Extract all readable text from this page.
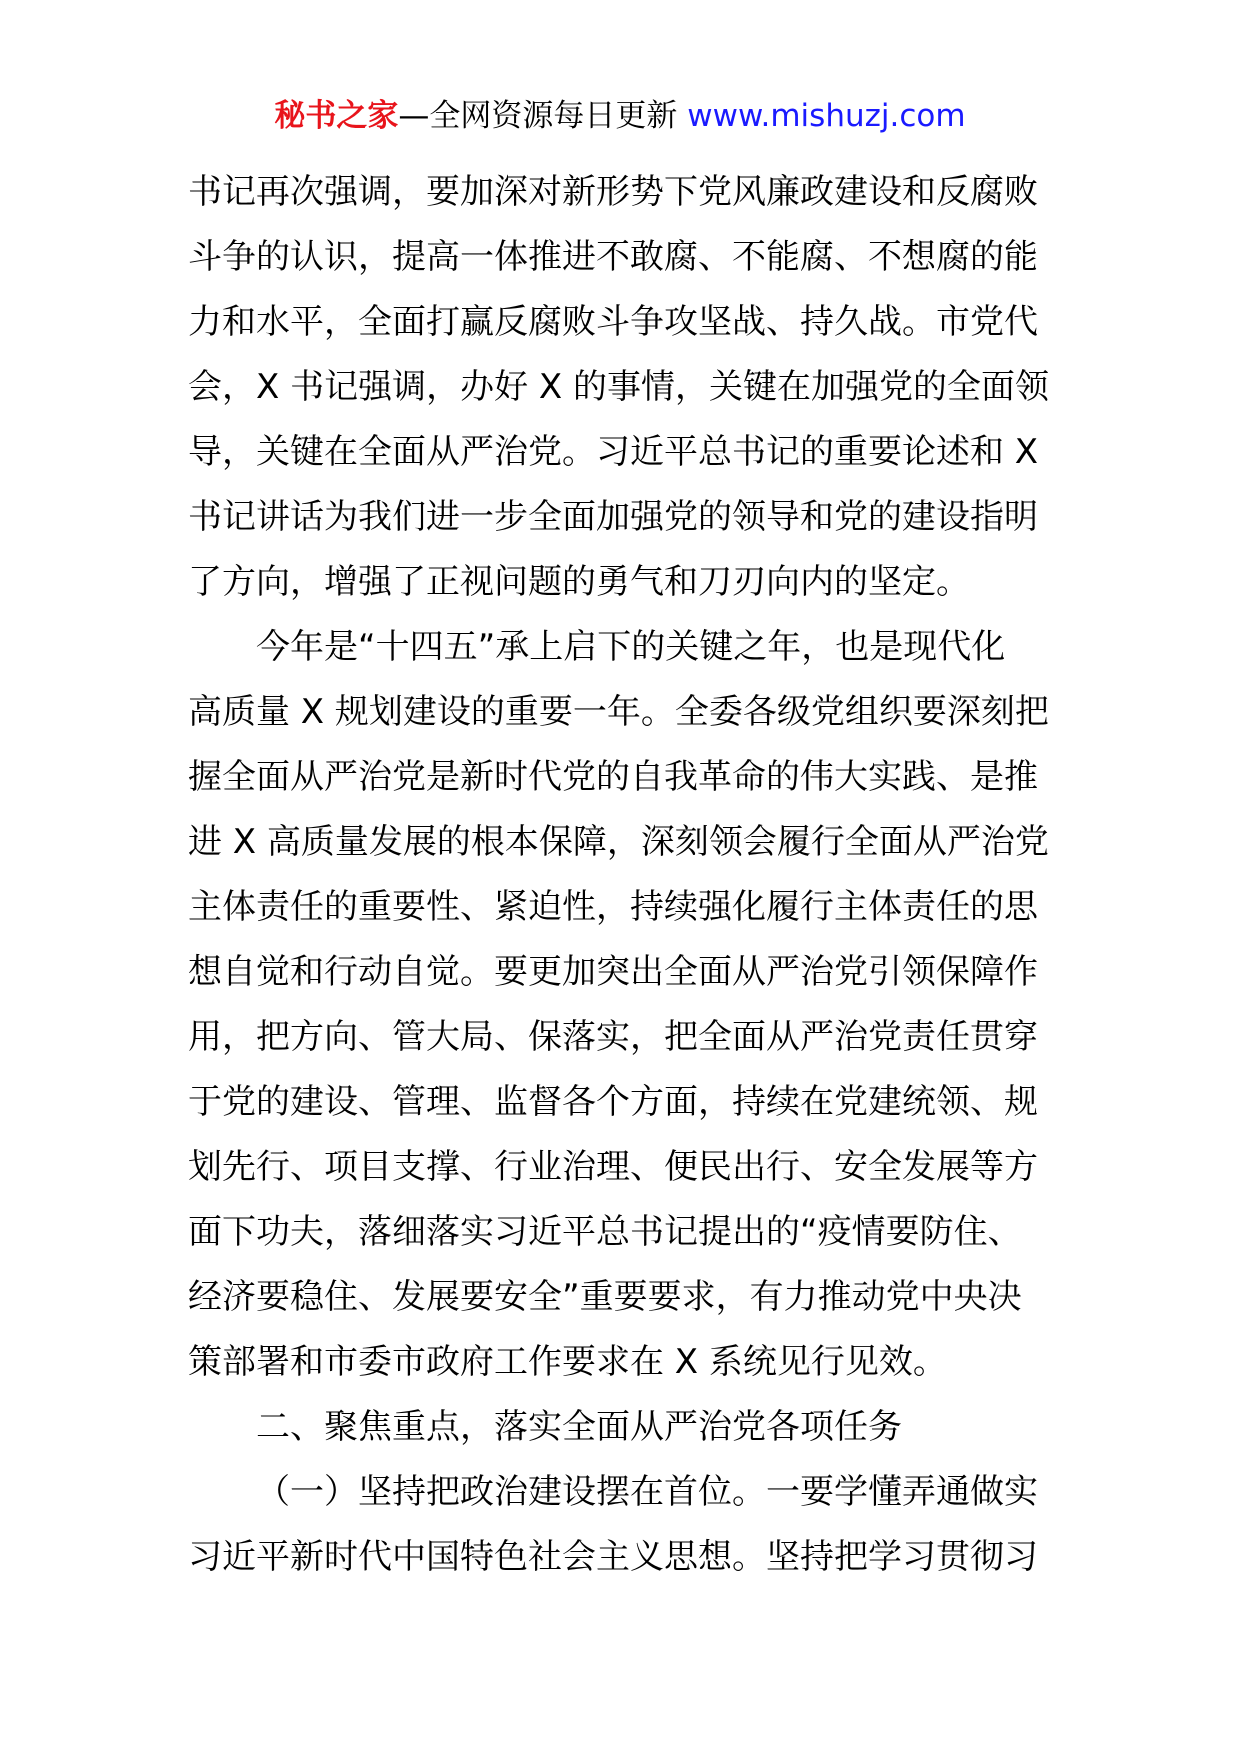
秘书之家—全网资源每日更新 www.mishuzj.com
书记再次强调，要加深对新形势下党风廉政建设和反腐败
斗争的认识，提高一体推进不敢腐、不能腐、不想腐的能
力和水平，全面打赢反腐败斗争攻坚战、持久战。市党代
会，X 书记强调，办好 X 的事情，关键在加强党的全面领
导，关键在全面从严治党。习近平总书记的重要论述和 X
书记讲话为我们进一步全面加强党的领导和党的建设指明
了方向，增强了正视问题的勇气和刀刃向内的坚定。
今年是“十四五”承上启下的关键之年，也是现代化
高质量 X 规划建设的重要一年。全委各级党组织要深刻把
握全面从严治党是新时代党的自我革命的伟大实践、是推
进 X 高质量发展的根本保障，深刻领会履行全面从严治党
主体责任的重要性、紧迫性，持续强化履行主体责任的思
想自觉和行动自觉。要更加突出全面从严治党引领保障作
用，把方向、管大局、保落实，把全面从严治党责任贯穿
于党的建设、管理、监督各个方面，持续在党建统领、规
划先行、项目支撑、行业治理、便民出行、安全发展等方
面下功夫，落细落实习近平总书记提出的“疫情要防住、
经济要稳住、发展要安全”重要要求，有力推动党中央决
策部署和市委市政府工作要求在 X 系统见行见效。
二、聚焦重点，落实全面从严治党各项任务
（一）坚持把政治建设摆在首位。一要学懂弄通做实
习近平新时代中国特色社会主义思想。坚持把学习贯彻习
